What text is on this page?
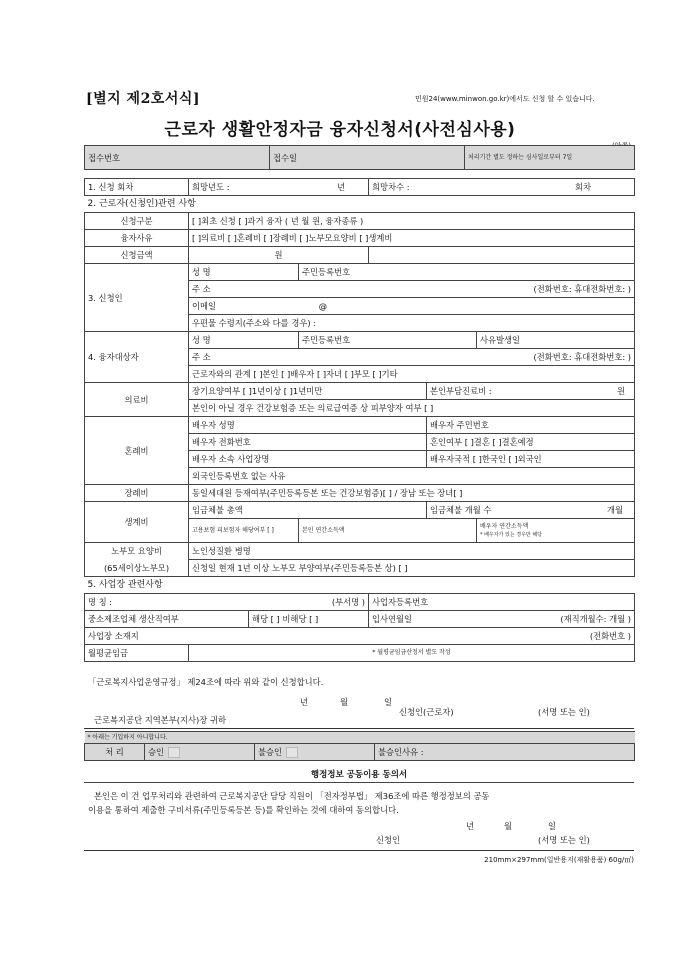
[별지 제2호서식]	민원24(www.minwon.go.kr)에서도 신청 할 수 있습니다.
근로자 생활안정자금 융자신청서(사전심사용)
접수번호	접수일	처리기간 별도 정하는 심사일로부터 7일
1. 신청 회차	희망년도 : 년			희망차수 : 회차		

2. 근로자(신청인)관련 사항						
신청구분	[ ]최초 신청 [ ]과거 융자 ( 년 월 원, 융자종류 )					
융자사유	[ ]의료비 [ ]혼례비 [ ]장례비 [ ]노부모요양비 [ ]생계비					
신청금액	원					
3. 신청인	성 명		주민등록번호			
	주 소 (전화번호: 휴대전화번호: )					

	이메일 @					
	우편물 수령지(주소와 다를 경우) :					
4. 융자대상자	성 명		주민등록번호			사유발생일
	주 소 (전화번호: 휴대전화번호: )					

	근로자와의 관계 [ ]본인 [ ]배우자 [ ]자녀 [ ]부모 [ ]기타					
의료비	장기요양여부 [ ]1년이상 [ ]1년미만				본인부담진료비 : 원	

	본인이 아닐 경우 건강보험증 또는 의료급여증 상 피부양자 여부 [ ]					
혼례비	배우자 성명				배우자 주민번호	
	배우자 전화번호				혼인여부 [ ]결혼 [ ]결혼예정	
	배우자 소속 사업장명				배우자국적 [ ]한국인 [ ]외국인	
	외국인등록번호 없는 사유					
장례비	동일세대원 등재여부(주민등록등본 또는 건강보험증)[ ] / 장남 또는 장녀[ ]					
생계비	임금체불 총액				임금체불 개월 수 개월	

	고용보험 피보험자 해당여부 [ ]		본인 연간소득액			배우자 연간소득액
* 배우자가 있는 경우만 해당

노부모 요양비	노인성질환 병명					
(65세이상노부모)	신청일 현재 1년 이상 노부모 부양여부(주민등록등본 상) [ ]					
5. 사업장 관련사항						
명 칭 : (부서명 )				사업자등록번호		
중소제조업체 생산직여부		해당 [ ] 비해당 [ ]		입사연월일 (재직개월수: 개월 )		

사업장 소재지 (전화번호 )						

월평균임금	* 월평균임금산정서 별도 작성					
「근로복지사업운영규정」 제24조에 따라 위와 같이 신청합니다.
년	월	일
신청인(근로자)	(서명 또는 인)
근로복지공단 지역본부(지사)장 귀하
* 아래는 기입하지 아니합니다.
처 리	승인	불승인	불승인사유 :
행정정보 공동이용 동의서
본인은 이 건 업무처리와 관련하여 근로복지공단 담당 직원이 「전자정부법」 제36조에 따른 행정정보의 공동
이용을 통하여 제출한 구비서류(주민등록등본 등)를 확인하는 것에 대하여 동의합니다.
년	월	일
신청인	(서명 또는 인)
210mm×297mm(일반용지(재활용품) 60g/㎡)
